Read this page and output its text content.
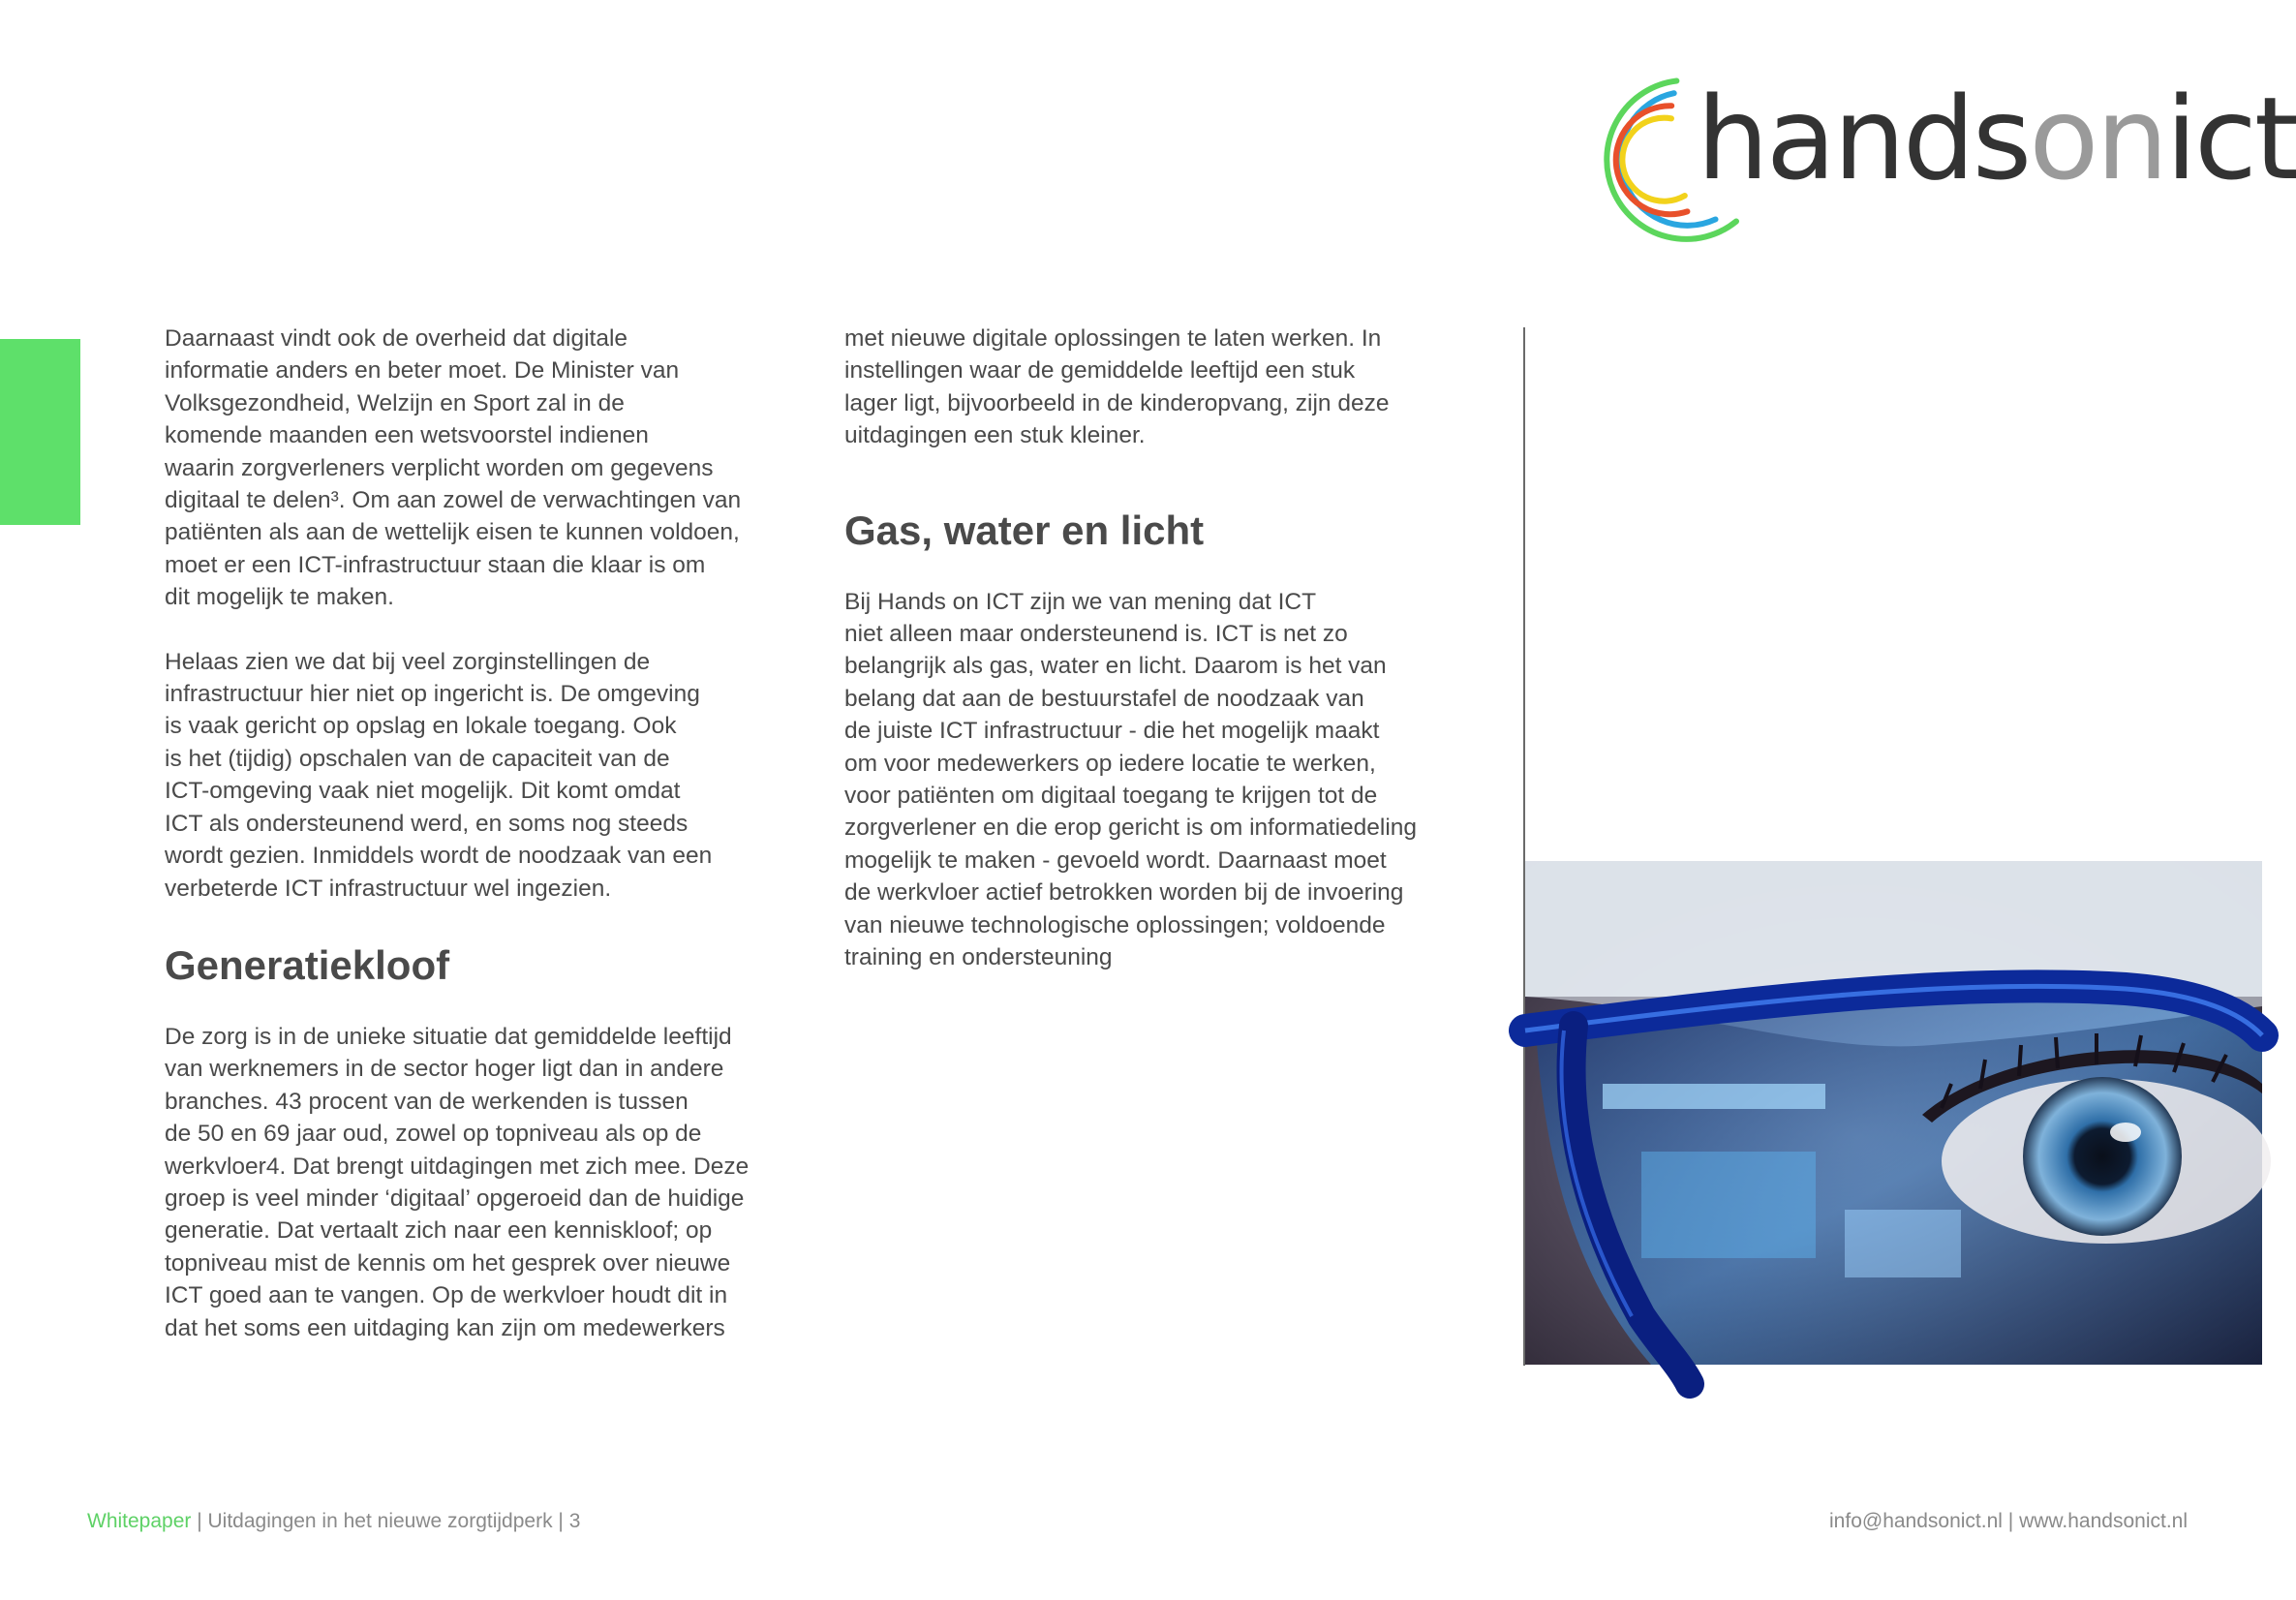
handsonict
Daarnaast vindt ook de overheid dat digitale
informatie anders en beter moet. De Minister van
Volksgezondheid, Welzijn en Sport zal in de
komende maanden een wetsvoorstel indienen
waarin zorgverleners verplicht worden om gegevens
digitaal te delen³. Om aan zowel de verwachtingen van
patiënten als aan de wettelijk eisen te kunnen voldoen,
moet er een ICT-infrastructuur staan die klaar is om
dit mogelijk te maken.
Helaas zien we dat bij veel zorginstellingen de
infrastructuur hier niet op ingericht is. De omgeving
is vaak gericht op opslag en lokale toegang. Ook
is het (tijdig) opschalen van de capaciteit van de
ICT-omgeving vaak niet mogelijk. Dit komt omdat
ICT als ondersteunend werd, en soms nog steeds
wordt gezien. Inmiddels wordt de noodzaak van een
verbeterde ICT infrastructuur wel ingezien.
Generatiekloof
De zorg is in de unieke situatie dat gemiddelde leeftijd
van werknemers in de sector hoger ligt dan in andere
branches. 43 procent van de werkenden is tussen
de 50 en 69 jaar oud, zowel op topniveau als op de
werkvloer4. Dat brengt uitdagingen met zich mee. Deze
groep is veel minder ‘digitaal’ opgeroeid dan de huidige
generatie. Dat vertaalt zich naar een kenniskloof; op
topniveau mist de kennis om het gesprek over nieuwe
ICT goed aan te vangen. Op de werkvloer houdt dit in
dat het soms een uitdaging kan zijn om medewerkers
met nieuwe digitale oplossingen te laten werken. In
instellingen waar de gemiddelde leeftijd een stuk
lager ligt, bijvoorbeeld in de kinderopvang, zijn deze
uitdagingen een stuk kleiner.
Gas, water en licht
Bij Hands on ICT zijn we van mening dat ICT
niet alleen maar ondersteunend is. ICT is net zo
belangrijk als gas, water en licht. Daarom is het van
belang dat aan de bestuurstafel de noodzaak van
de juiste ICT infrastructuur - die het mogelijk maakt
om voor medewerkers op iedere locatie te werken,
voor patiënten om digitaal toegang te krijgen tot de
zorgverlener en die erop gericht is om informatiedeling
mogelijk te maken - gevoeld wordt. Daarnaast moet
de werkvloer actief betrokken worden bij de invoering
van nieuwe technologische oplossingen; voldoende
training en ondersteuning
Whitepaper | Uitdagingen in het nieuwe zorgtijdperk | 3	info@handsonict.nl | www.handsonict.nl
